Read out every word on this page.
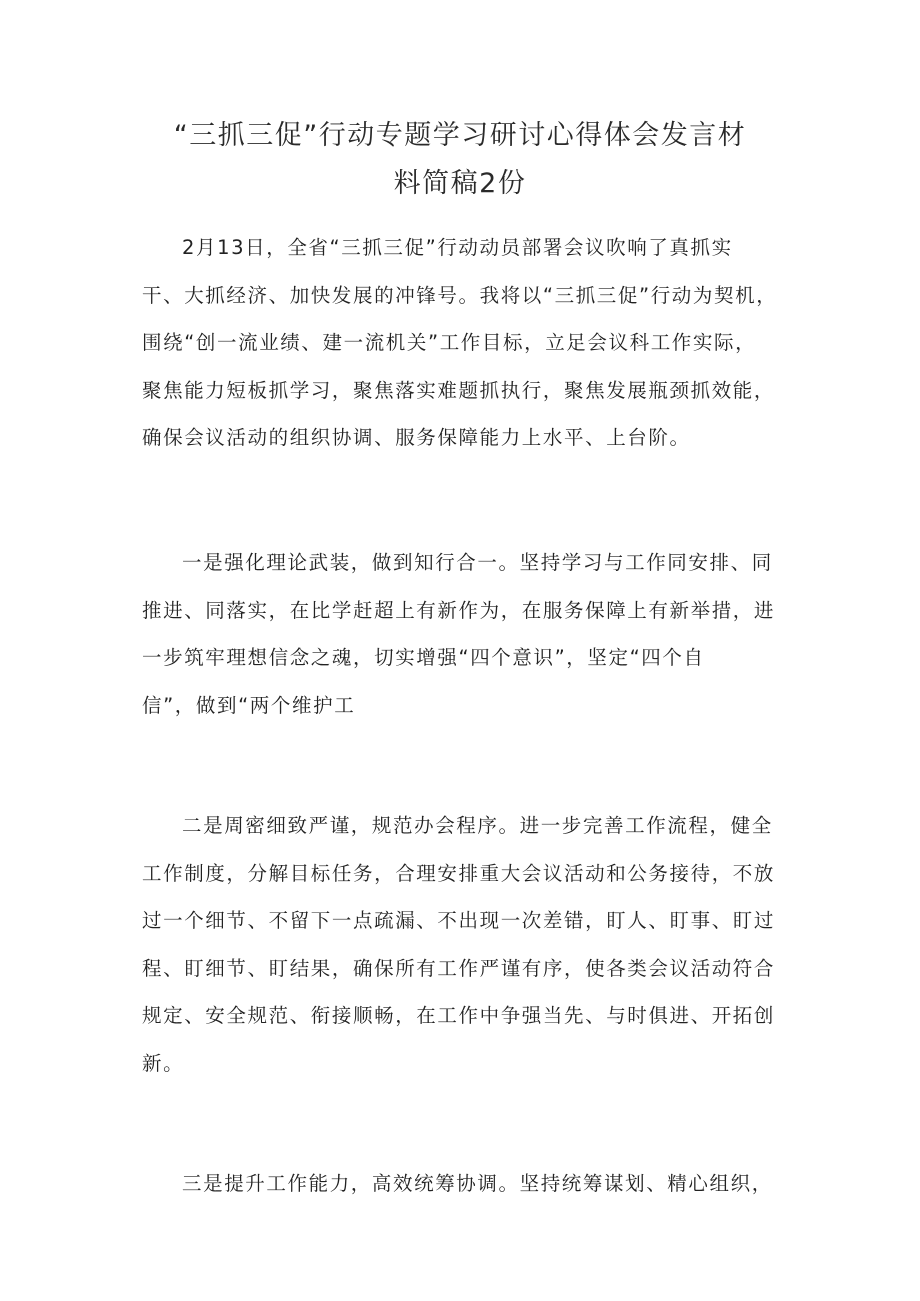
“三抓三促”行动专题学习研讨心得体会发言材
料简稿2份
2月13日，全省“三抓三促”行动动员部署会议吹响了真抓实
干、大抓经济、加快发展的冲锋号。我将以“三抓三促”行动为契机，
围绕“创一流业绩、建一流机关”工作目标，立足会议科工作实际，
聚焦能力短板抓学习，聚焦落实难题抓执行，聚焦发展瓶颈抓效能，
确保会议活动的组织协调、服务保障能力上水平、上台阶。
一是强化理论武装，做到知行合一。坚持学习与工作同安排、同
推进、同落实，在比学赶超上有新作为，在服务保障上有新举措，进
一步筑牢理想信念之魂，切实增强“四个意识”，坚定“四个自
信”，做到“两个维护工
二是周密细致严谨，规范办会程序。进一步完善工作流程，健全
工作制度，分解目标任务，合理安排重大会议活动和公务接待，不放
过一个细节、不留下一点疏漏、不出现一次差错，盯人、盯事、盯过
程、盯细节、盯结果，确保所有工作严谨有序，使各类会议活动符合
规定、安全规范、衔接顺畅，在工作中争强当先、与时俱进、开拓创
新。
三是提升工作能力，高效统筹协调。坚持统筹谋划、精心组织，
